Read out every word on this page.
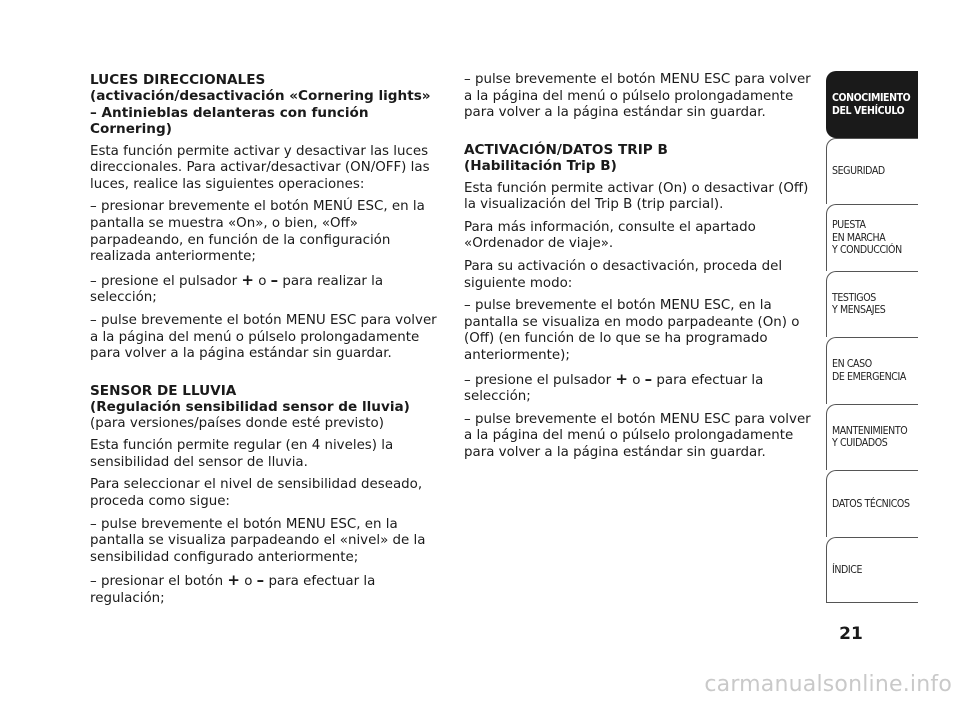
LUCES DIRECCIONALES
(activación/desactivación «Cornering lights»
– Antinieblas delanteras con función Cornering)

Esta función permite activar y desactivar las luces direccionales. Para activar/desactivar (ON/OFF) las luces, realice las siguientes operaciones:

– presionar brevemente el botón MENÚ ESC, en la pantalla se muestra «On», o bien, «Off» parpadeando, en función de la configuración realizada anteriormente;

– presione el pulsador + o – para realizar la selección;

– pulse brevemente el botón MENU ESC para volver a la página del menú o púlselo prolongadamente para volver a la página estándar sin guardar.

SENSOR DE LLUVIA
(Regulación sensibilidad sensor de lluvia)

(para versiones/países donde esté previsto)

Esta función permite regular (en 4 niveles) la sensibilidad del sensor de lluvia.

Para seleccionar el nivel de sensibilidad deseado, proceda como sigue:

– pulse brevemente el botón MENU ESC, en la pantalla se visualiza parpadeando el «nivel» de la sensibilidad configurado anteriormente;

– presionar el botón + o – para efectuar la regulación;

– pulse brevemente el botón MENU ESC para volver a la página del menú o púlselo prolongadamente para volver a la página estándar sin guardar.

ACTIVACIÓN/DATOS TRIP B
(Habilitación Trip B)

Esta función permite activar (On) o desactivar (Off) la visualización del Trip B (trip parcial).

Para más información, consulte el apartado «Ordenador de viaje».

Para su activación o desactivación, proceda del siguiente modo:

– pulse brevemente el botón MENU ESC, en la pantalla se visualiza en modo parpadeante (On) o (Off) (en función de lo que se ha programado anteriormente);

– presione el pulsador + o – para efectuar la selección;

– pulse brevemente el botón MENU ESC para volver a la página del menú o púlselo prolongadamente para volver a la página estándar sin guardar.

CONOCIMIENTO
DEL VEHÍCULO
SEGURIDAD
PUESTA
EN MARCHA
Y CONDUCCIÓN
TESTIGOS
Y MENSAJES
EN CASO
DE EMERGENCIA
MANTENIMIENTO
Y CUIDADOS
DATOS TÉCNICOS
ÍNDICE
21
carmanualsonline.info
